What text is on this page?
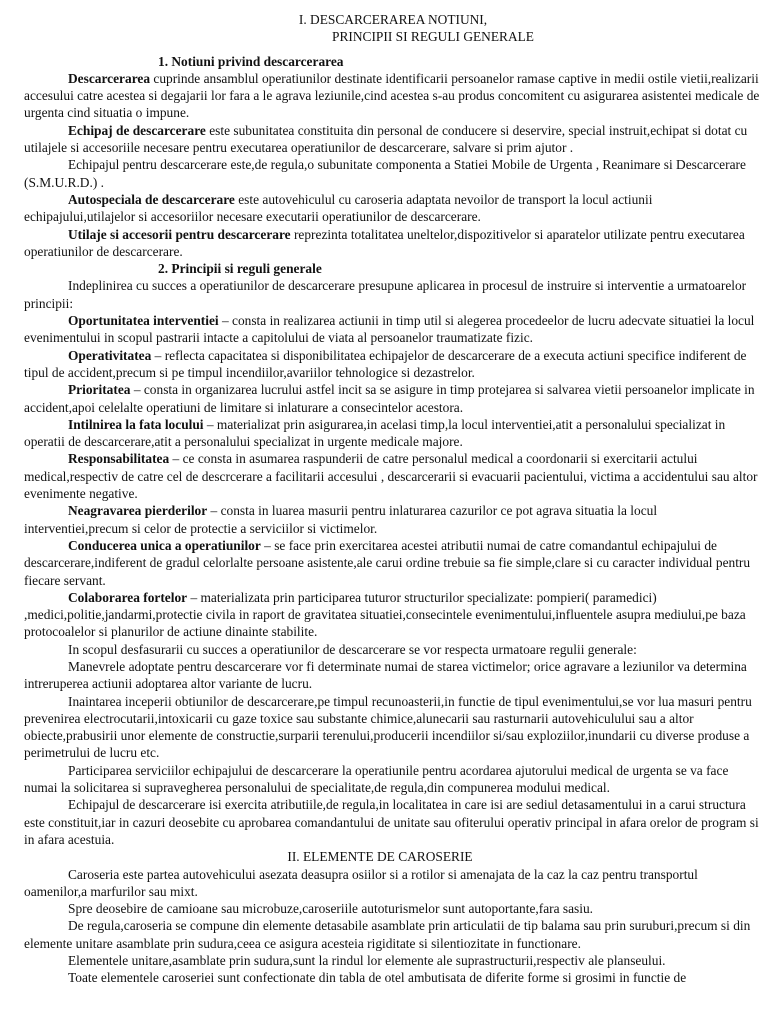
I. DESCARCERAREA NOTIUNI,
PRINCIPII SI REGULI GENERALE
1. Notiuni privind descarcerarea
Descarcerarea cuprinde ansamblul operatiunilor destinate identificarii persoanelor ramase captive in medii ostile vietii,realizarii accesului catre acestea si degajarii lor fara a le agrava leziunile,cind acestea s-au produs concomitent cu asigurarea asistentei medicale de urgenta cind situatia o impune.
Echipaj de descarcerare este subunitatea constituita din personal de conducere si deservire, special instruit,echipat si dotat cu utilajele si accesoriile necesare pentru executarea operatiunilor de descarcerare, salvare si prim ajutor .
Echipajul pentru descarcerare este,de regula,o subunitate componenta a Statiei Mobile de Urgenta , Reanimare si Descarcerare (S.M.U.R.D.) .
Autospeciala de descarcerare este autovehiculul cu caroseria adaptata nevoilor de transport la locul actiunii echipajului,utilajelor si accesoriilor necesare executarii operatiunilor de descarcerare.
Utilaje si accesorii pentru descarcerare reprezinta totalitatea uneltelor,dispozitivelor si aparatelor utilizate pentru executarea operatiunilor de descarcerare.
2. Principii si reguli generale
Indeplinirea cu succes a operatiunilor de descarcerare presupune aplicarea in procesul de instruire si interventie a urmatoarelor principii:
Oportunitatea interventiei – consta in realizarea actiunii in timp util si alegerea procedeelor de lucru adecvate situatiei la locul evenimentului in scopul pastrarii intacte a capitolului de viata al persoanelor traumatizate fizic.
Operativitatea – reflecta capacitatea si disponibilitatea echipajelor de descarcerare de a executa actiuni specifice indiferent de tipul de accident,precum si pe timpul incendiilor,avariilor tehnologice si dezastrelor.
Prioritatea – consta in organizarea lucrului astfel incit sa se asigure in timp protejarea si salvarea vietii persoanelor implicate in accident,apoi celelalte operatiuni de limitare si inlaturare a consecintelor acestora.
Intilnirea la fata locului – materializat prin asigurarea,in acelasi timp,la locul interventiei,atit a personalului specializat in operatii de descarcerare,atit a personalului specializat in urgente medicale majore.
Responsabilitatea – ce consta in asumarea raspunderii de catre personalul medical a coordonarii si exercitarii actului medical,respectiv de catre cel de descrcerare a facilitarii accesului , descarcerarii si evacuarii pacientului, victima a accidentului sau altor evenimente negative.
Neagravarea pierderilor – consta in luarea masurii pentru inlaturarea cazurilor ce pot agrava situatia la locul interventiei,precum si celor de protectie a serviciilor si victimelor.
Conducerea unica a operatiunilor – se face prin exercitarea acestei atributii numai de catre comandantul echipajului de descarcerare,indiferent de gradul celorlalte persoane asistente,ale carui ordine trebuie sa fie simple,clare si cu caracter individual pentru fiecare servant.
Colaborarea fortelor – materializata prin participarea tuturor structurilor specializate: pompieri( paramedici) ,medici,politie,jandarmi,protectie civila in raport de gravitatea situatiei,consecintele evenimentului,influentele asupra mediului,pe baza protocoalelor si planurilor de actiune dinainte stabilite.
In scopul desfasurarii cu succes a operatiunilor de descarcerare se vor respecta urmatoare regulii generale:
Manevrele adoptate pentru descarcerare vor fi determinate numai de starea victimelor; orice agravare a leziunilor va determina intreruperea actiunii adoptarea altor variante de lucru.
Inaintarea inceperii obtiunilor de descarcerare,pe timpul recunoasterii,in functie de tipul evenimentului,se vor lua masuri pentru prevenirea electrocutarii,intoxicarii cu gaze toxice sau substante chimice,alunecarii sau rasturnarii autovehiculului sau a altor obiecte,prabusirii unor elemente de constructie,surparii terenului,producerii incendiilor si/sau exploziilor,inundarii cu diverse produse a perimetrului de lucru etc.
Participarea serviciilor echipajului de descarcerare la operatiunile pentru acordarea ajutorului medical de urgenta se va face numai la solicitarea si supravegherea personalului de specialitate,de regula,din compunerea modului medical.
Echipajul de descarcerare isi exercita atributiile,de regula,in localitatea in care isi are sediul detasamentului in a carui structura este constituit,iar in cazuri deosebite cu aprobarea comandantului de unitate sau ofiterului operativ principal in afara orelor de program si in afara acestuia.
II. ELEMENTE DE CAROSERIE
Caroseria este partea autovehicului asezata deasupra osiilor si a rotilor si amenajata de la caz la caz pentru transportul oamenilor,a marfurilor sau mixt.
Spre deosebire de camioane sau microbuze,caroseriile autoturismelor sunt autoportante,fara sasiu.
De regula,caroseria se compune din elemente detasabile asamblate prin articulatii de tip balama sau prin suruburi,precum si din elemente unitare asamblate prin sudura,ceea ce asigura acesteia rigiditate si silentiozitate in functionare.
Elementele unitare,asamblate prin sudura,sunt la rindul lor elemente ale suprastructurii,respectiv ale planseului.
Toate elementele caroseriei sunt confectionate din tabla de otel ambutisata de diferite forme si grosimi in functie de
